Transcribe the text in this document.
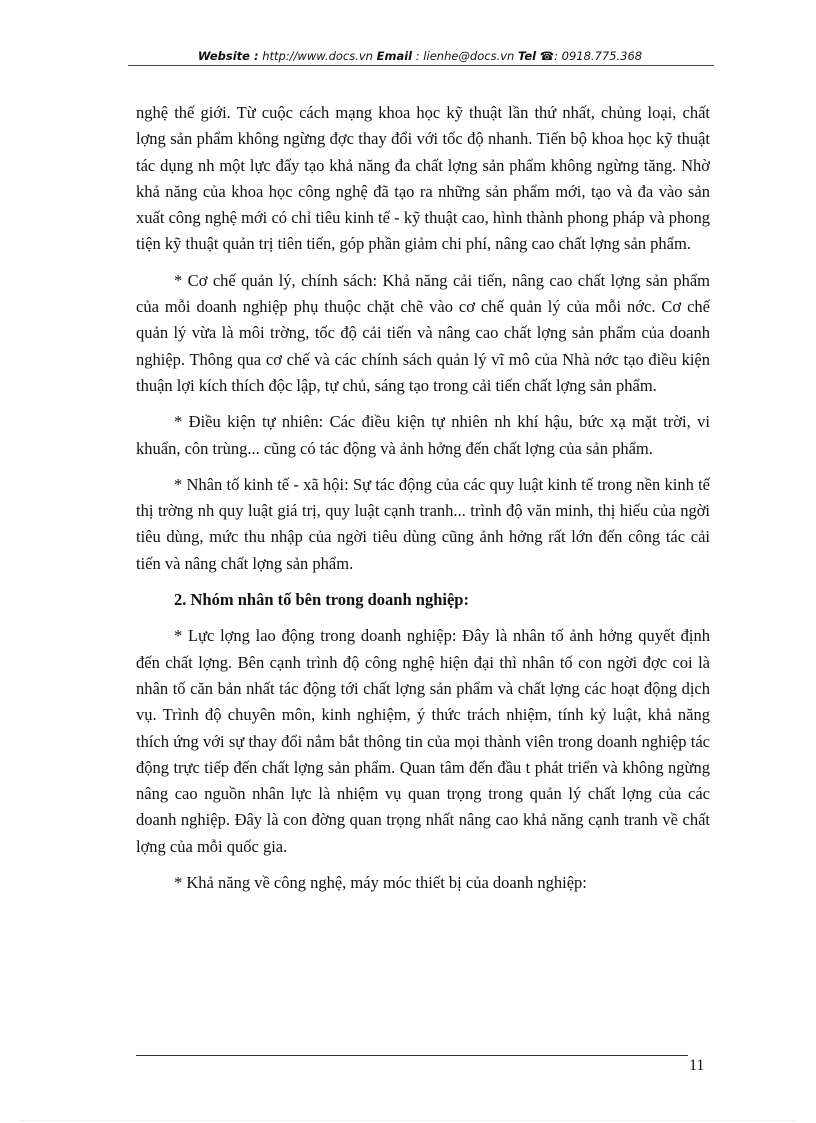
Website : http://www.docs.vn Email : lienhe@docs.vn Tel ☎: 0918.775.368

nghệ thế giới. Từ cuộc cách mạng khoa học kỹ thuật lần thứ nhất, chủng loại, chất lợng sản phẩm không ngừng đợc thay đổi với tốc độ nhanh. Tiến bộ khoa học kỹ thuật tác dụng nh một lực đẩy tạo khả năng đa chất lợng sản phẩm không ngừng tăng. Nhờ khả năng của khoa học công nghệ đã tạo ra những sản phẩm mới, tạo và đa vào sản xuất công nghệ mới có chỉ tiêu kinh tế - kỹ thuật cao, hình thành phong pháp và phong tiện kỹ thuật quản trị tiên tiến, góp phần giảm chi phí, nâng cao chất lợng sản phẩm.

* Cơ chế quản lý, chính sách: Khả năng cải tiến, nâng cao chất lợng sản phẩm của mỗi doanh nghiệp phụ thuộc chặt chẽ vào cơ chế quản lý của mỗi nớc. Cơ chế quản lý vừa là môi trờng, tốc độ cải tiến và nâng cao chất lợng sản phẩm của doanh nghiệp. Thông qua cơ chế và các chính sách quản lý vĩ mô của Nhà nớc tạo điều kiện thuận lợi kích thích độc lập, tự chủ, sáng tạo trong cải tiến chất lợng sản phẩm.

* Điều kiện tự nhiên: Các điều kiện tự nhiên nh khí hậu, bức xạ mặt trời, vi khuẩn, côn trùng... cũng có tác động và ảnh hởng đến chất lợng của sản phẩm.

* Nhân tố kinh tế - xã hội: Sự tác động của các quy luật kinh tế trong nền kinh tế thị trờng nh quy luật giá trị, quy luật cạnh tranh... trình độ văn minh, thị hiếu của ngời tiêu dùng, mức thu nhập của ngời tiêu dùng cũng ảnh hởng rất lớn đến công tác cải tiến và nâng chất lợng sản phẩm.

2. Nhóm nhân tố bên trong doanh nghiệp:

* Lực lợng lao động trong doanh nghiệp: Đây là nhân tố ảnh hởng quyết định đến chất lợng. Bên cạnh trình độ công nghệ hiện đại thì nhân tố con ngời đợc coi là nhân tố căn bản nhất tác động tới chất lợng sản phẩm và chất lợng các hoạt động dịch vụ. Trình độ chuyên môn, kinh nghiệm, ý thức trách nhiệm, tính kỷ luật, khả năng thích ứng với sự thay đổi nắm bắt thông tin của mọi thành viên trong doanh nghiệp tác động trực tiếp đến chất lợng sản phẩm. Quan tâm đến đầu t phát triển và không ngừng nâng cao nguồn nhân lực là nhiệm vụ quan trọng trong quản lý chất lợng của các doanh nghiệp. Đây là con đờng quan trọng nhất nâng cao khả năng cạnh tranh về chất lợng của mỗi quốc gia.

* Khả năng về công nghệ, máy móc thiết bị của doanh nghiệp:

11
